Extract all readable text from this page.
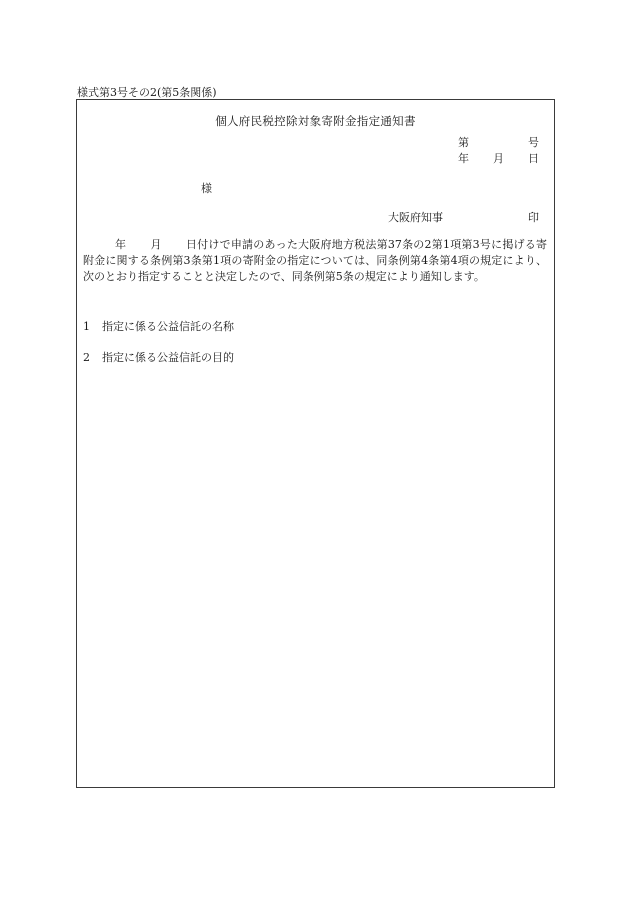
様式第3号その2(第5条関係)
個人府民税控除対象寄附金指定通知書
第	号
年 月 日
様
大阪府知事	印
年 月 日付けで申請のあった大阪府地方税法第37条の2第1項第3号に掲げる寄附金に関する条例第3条第1項の寄附金の指定については、同条例第4条第4項の規定により、次のとおり指定することと決定したので、同条例第5条の規定により通知します。
1 指定に係る公益信託の名称
2 指定に係る公益信託の目的
